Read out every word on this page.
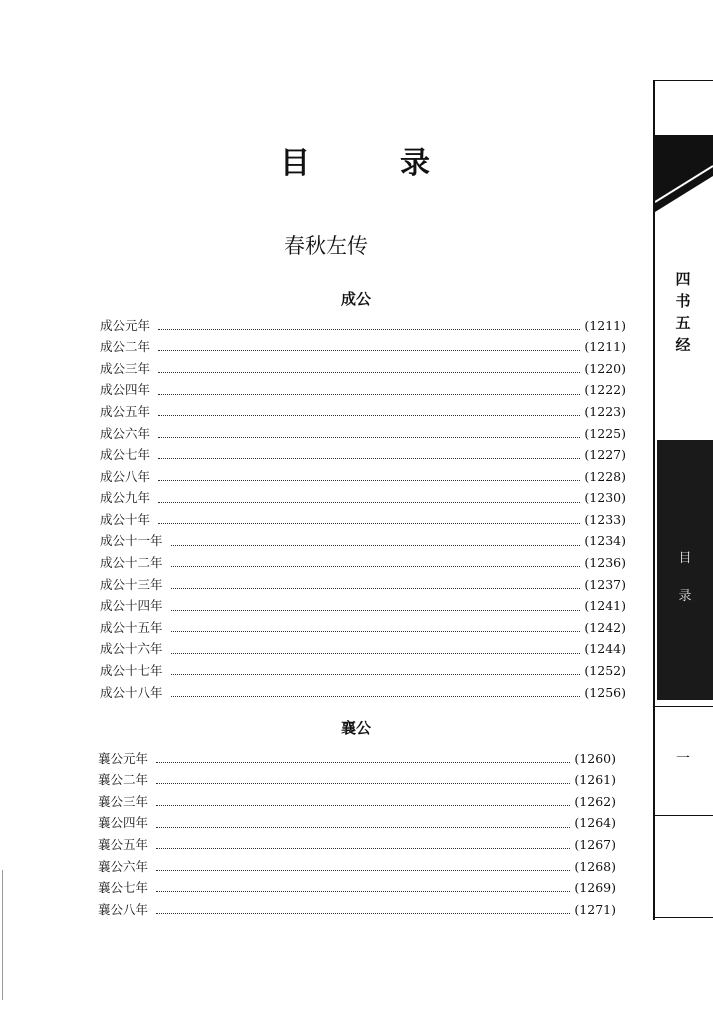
目	录
春秋左传
成公
成公元年	(1211)
成公二年	(1211)
成公三年	(1220)
成公四年	(1222)
成公五年	(1223)
成公六年	(1225)
成公七年	(1227)
成公八年	(1228)
成公九年	(1230)
成公十年	(1233)
成公十一年	(1234)
成公十二年	(1236)
成公十三年	(1237)
成公十四年	(1241)
成公十五年	(1242)
成公十六年	(1244)
成公十七年	(1252)
成公十八年	(1256)
襄公
襄公元年	(1260)
襄公二年	(1261)
襄公三年	(1262)
襄公四年	(1264)
襄公五年	(1267)
襄公六年	(1268)
襄公七年	(1269)
襄公八年	(1271)
四
书
五
经
目
录
一
